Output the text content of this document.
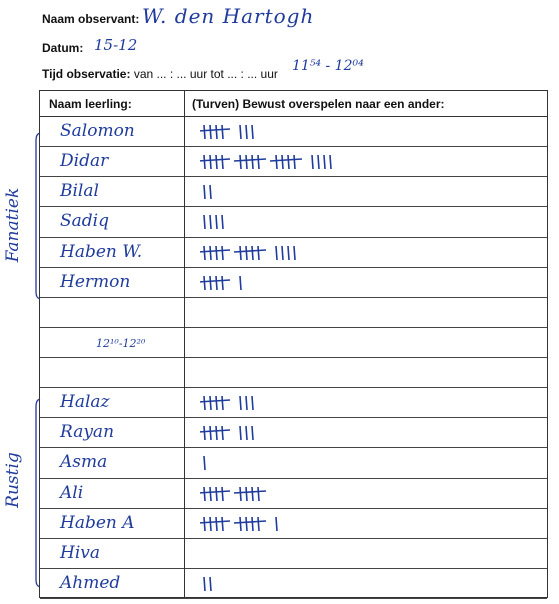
Naam observant: W. den Hartogh
Datum: 15-12
Tijd observatie: van ... : ... uur tot ... : ... uur 11⁵⁴ - 12⁰⁴
Fanatiek
Rustig
Naam leerling:	(Turven) Bewust overspelen naar een ander:
Salomon
Didar
Bilal
Sadiq
Haben W.
Hermon
Halaz
Rayan
Asma
Ali
Haben A
Hiva
Ahmed
12¹⁰-12²⁰
